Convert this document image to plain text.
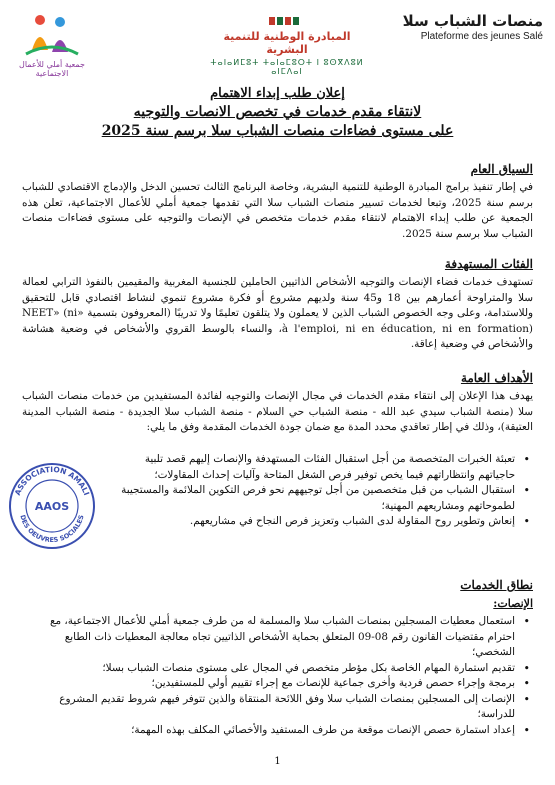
منصات الشباب سلا
Plateforme des jeunes Salé
المبادرة الوطنية للتنمية البشرية
ⵜⴰⵏⴰⵍⵎⵓⵜ ⵜⴰⵏⴰⵎⵓⵔⵜ ⵏ ⵓⵙⴳⴷⵓⵍ ⴰⵏⵎⴷⴰⵏ
جمعية أملي للأعمال الاجتماعية
إعلان طلب إبداء الاهتمام
لانتقاء مقدم خدمات في تخصص الانصات والتوجيه
على مستوى فضاءات منصات الشباب سلا برسم سنة 2025
السياق العام
في إطار تنفيذ برامج المبادرة الوطنية للتنمية البشرية، وخاصة البرنامج الثالث تحسين الدخل والإدماج الاقتصادي للشباب برسم سنة 2025، وتبعا لخدمات تسيير منصات الشباب سلا التي تقدمها جمعية أملي للأعمال الاجتماعية، تعلن هذه الجمعية عن طلب إبداء الاهتمام لانتقاء مقدم خدمات متخصص في الإنصات والتوجيه على مستوى فضاءات منصات الشباب سلا برسم سنة 2025.
الفئات المستهدفة
تستهدف خدمات فضاء الإنصات والتوجيه الأشخاص الذاتيين الحاملين للجنسية المغربية والمقيمين بالنفوذ الترابي لعمالة سلا والمتراوحة أعمارهم بين 18 و45 سنة ولديهم مشروع أو فكرة مشروع تنموي لنشاط اقتصادي قابل للتحقيق وللاستدامة، وعلى وجه الخصوص الشباب الذين لا يعملون ولا يتلقون تعليمًا ولا تدريبًا (المعروفون بتسمية «NEET» (ni à l'emploi, ni en éducation, ni en formation)، والنساء بالوسط القروي والأشخاص في وضعية هشاشة والأشخاص في وضعية إعاقة.
الأهداف العامة
يهدف هذا الإعلان إلى انتقاء مقدم الخدمات في مجال الإنصات والتوجيه لفائدة المستفيدين من خدمات منصات الشباب سلا (منصة الشباب سيدي عبد الله - منصة الشباب حي السلام - منصة الشباب سلا الجديدة - منصة الشباب المدينة العتيقة)، وذلك في إطار تعاقدي محدد المدة مع ضمان جودة الخدمات المقدمة وفق ما يلي:
• تعبئة الخبرات المتخصصة من أجل استقبال الفئات المستهدفة والإنصات إليهم قصد تلبية حاجياتهم وانتظاراتهم فيما يخص توفير فرص الشغل المتاحة وآليات إحداث المقاولات؛
• استقبال الشباب من قبل متخصصين من أجل توجيههم نحو فرص التكوين الملائمة والمستجيبة لطموحاتهم ومشاريعهم المهنية؛
• إنعاش وتطوير روح المقاولة لدى الشباب وتعزيز فرص النجاح في مشاريعهم.
ASSOCIATION AMALI
DES OEUVRES SOCIALES
AAOS
نطاق الخدمات
الإنصات:
• استعمال معطيات المسجلين بمنصات الشباب سلا والمسلمة له من طرف جمعية أملي للأعمال الاجتماعية، مع احترام مقتضيات القانون رقم 08-09 المتعلق بحماية الأشخاص الذاتيين تجاه معالجة المعطيات ذات الطابع الشخصي؛
• تقديم استمارة المهام الخاصة بكل مؤطر متخصص في المجال على مستوى منصات الشباب بسلا؛
• برمجة وإجراء حصص فردية وأخرى جماعية للإنصات مع إجراء تقييم أولي للمستفيدين؛
• الإنصات إلى المسجلين بمنصات الشباب سلا وفق اللائحة المنتقاة والذين تتوفر فيهم شروط تقديم المشروع للدراسة؛
• إعداد استمارة حصص الإنصات موقعة من طرف المستفيد والأخصائي المكلف بهذه المهمة؛
1
